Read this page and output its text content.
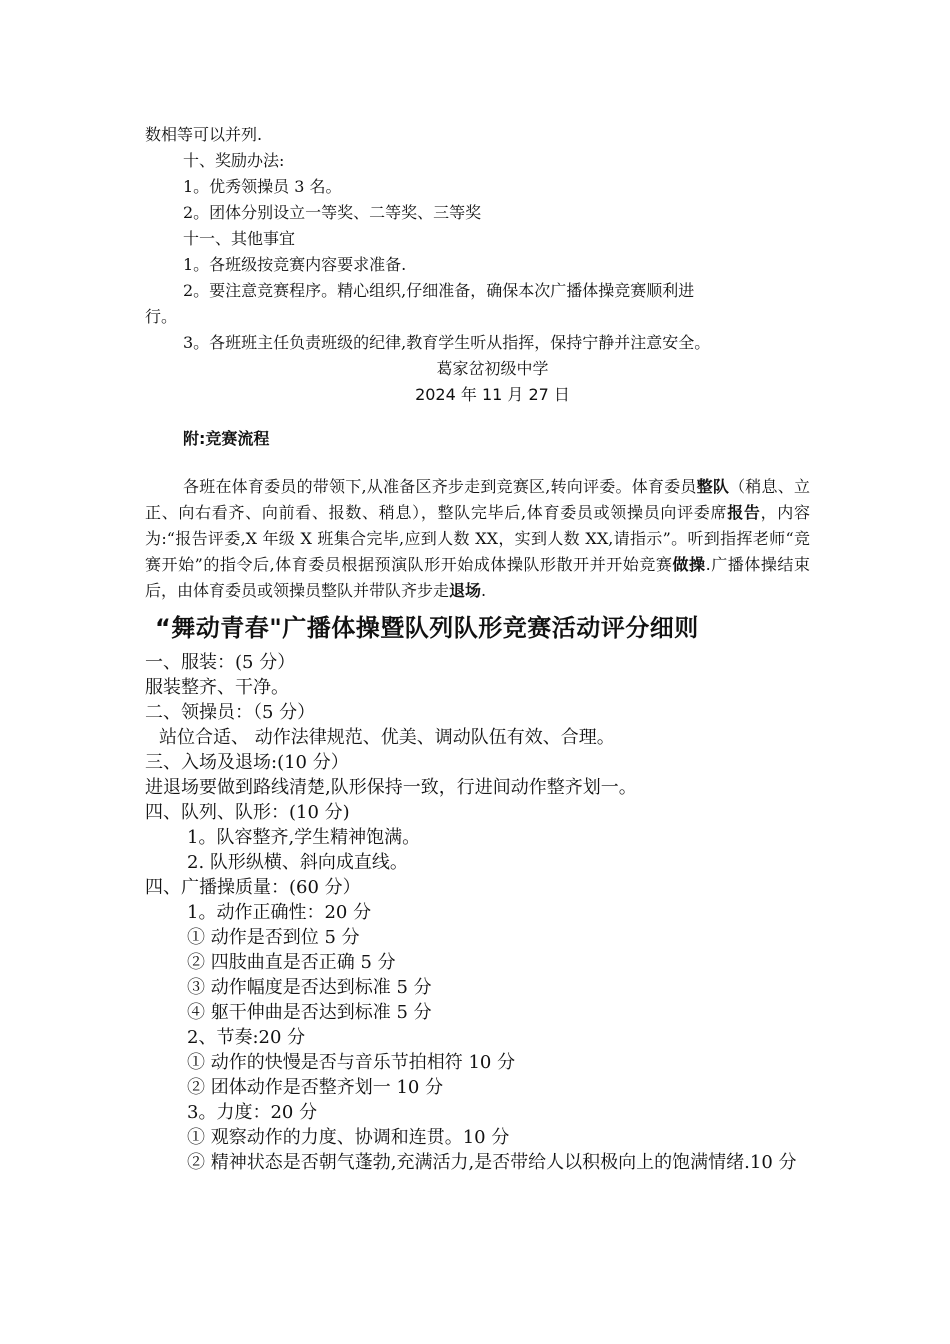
数相等可以并列.

十、奖励办法:

1。优秀领操员 3 名。

2。团体分别设立一等奖、二等奖、三等奖

十一、其他事宜

1。各班级按竞赛内容要求准备.

2。要注意竞赛程序。精心组织,仔细准备，确保本次广播体操竞赛顺利进

行。

3。各班班主任负责班级的纪律,教育学生听从指挥，保持宁静并注意安全。

葛家岔初级中学

2024 年 11 月 27 日

附:竞赛流程

各班在体育委员的带领下,从准备区齐步走到竞赛区,转向评委。体育委员整队（稍息、立正、向右看齐、向前看、报数、稍息），整队完毕后,体育委员或领操员向评委席报告，内容为:“报告评委,X 年级 X 班集合完毕,应到人数 XX，实到人数 XX,请指示”。听到指挥老师“竞赛开始”的指令后,体育委员根据预演队形开始成体操队形散开并开始竞赛做操.广播体操结束后，由体育委员或领操员整队并带队齐步走退场.

“舞动青春"广播体操暨队列队形竞赛活动评分细则

一、服装：(5 分）

服装整齐、干净。

二、领操员：（5 分）

站位合适、 动作法律规范、优美、调动队伍有效、合理。

三、入场及退场:(10 分）

进退场要做到路线清楚,队形保持一致，行进间动作整齐划一。

四、队列、队形：(10 分)

1。队容整齐,学生精神饱满。

2. 队形纵横、斜向成直线。

四、广播操质量：(60 分）

1。动作正确性：20 分

① 动作是否到位 5 分

② 四肢曲直是否正确 5 分

③ 动作幅度是否达到标准 5 分

④ 躯干伸曲是否达到标准 5 分

2、节奏:20 分

① 动作的快慢是否与音乐节拍相符 10 分

② 团体动作是否整齐划一 10 分

3。力度：20 分

① 观察动作的力度、协调和连贯。10 分

② 精神状态是否朝气蓬勃,充满活力,是否带给人以积极向上的饱满情绪.10 分
